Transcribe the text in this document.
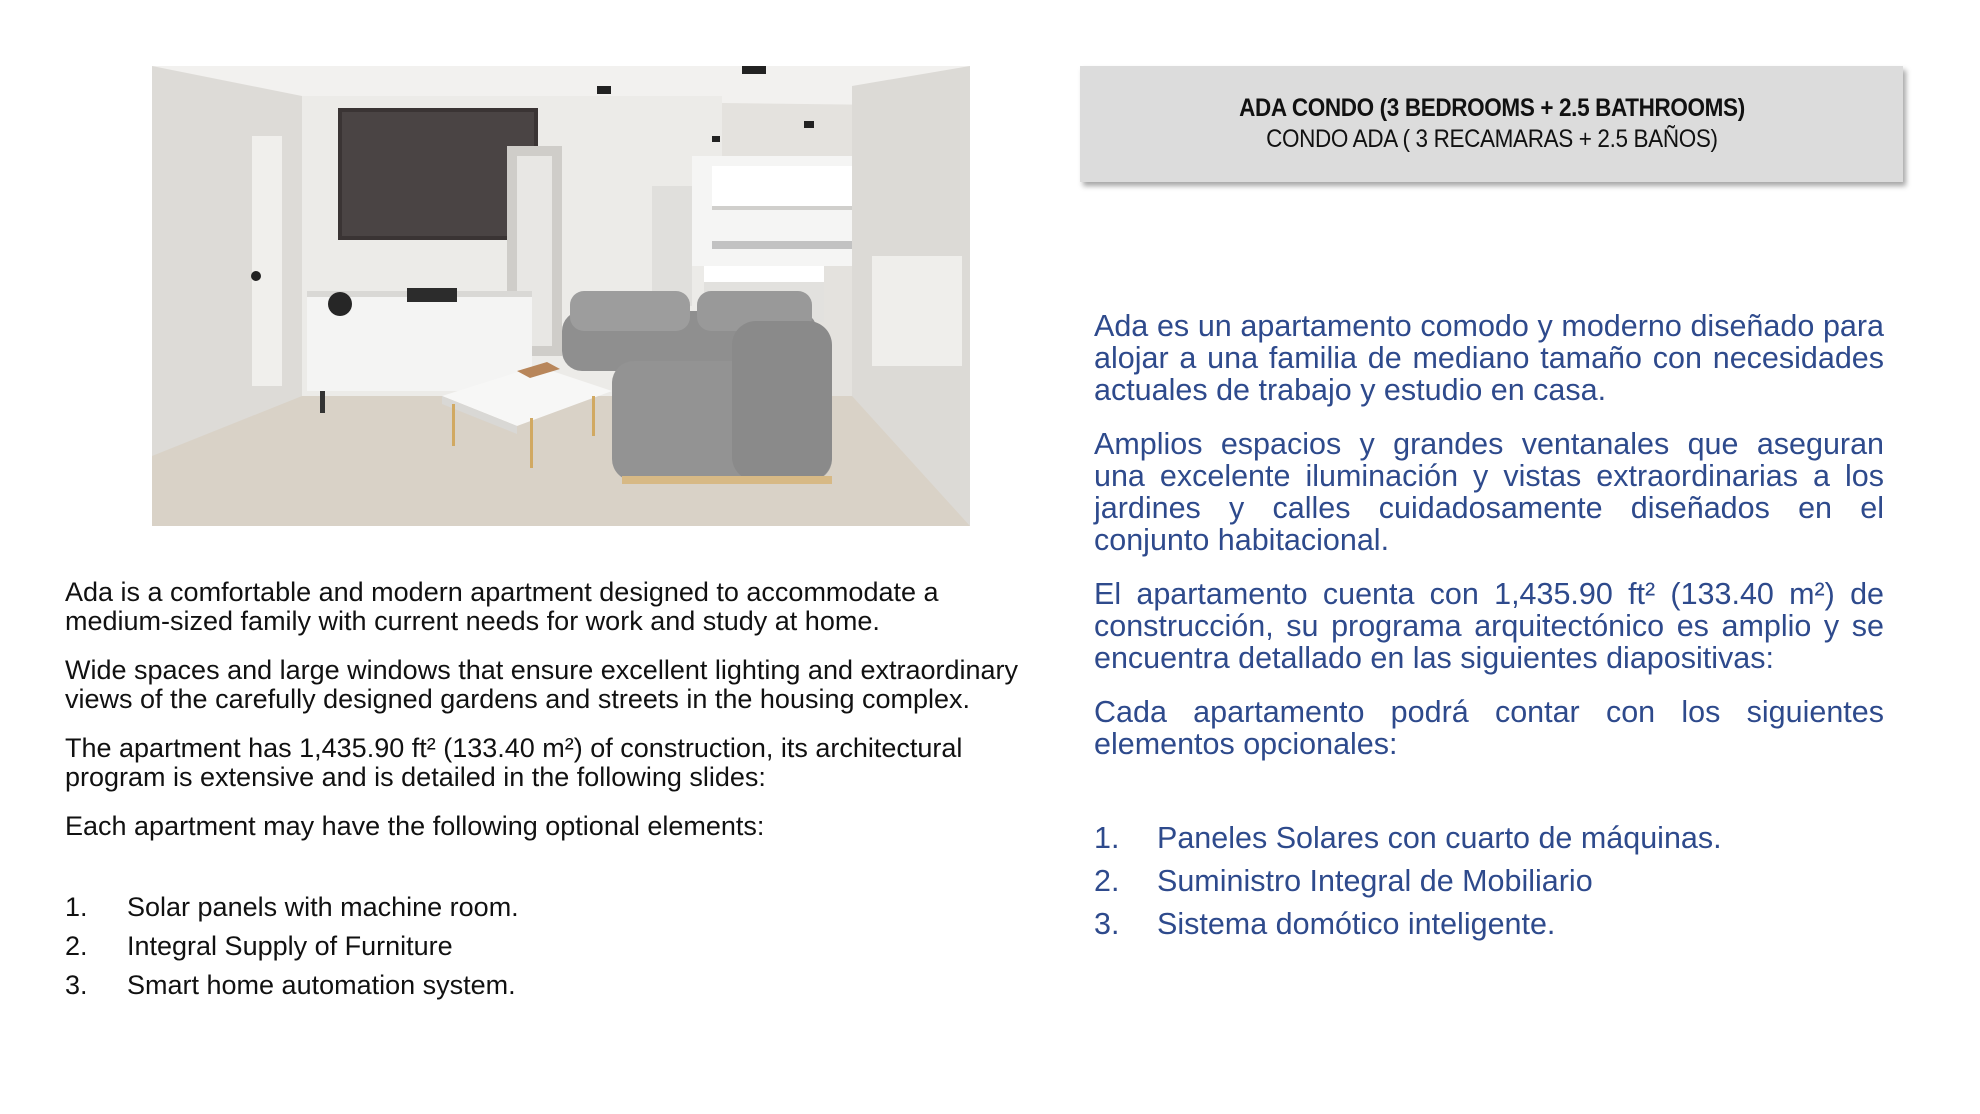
ADA CONDO (3 BEDROOMS + 2.5 BATHROOMS)
CONDO ADA ( 3 RECAMARAS + 2.5 BAÑOS)

Ada is a comfortable and modern apartment designed to accommodate a medium-sized family with current needs for work and study at home.

Wide spaces and large windows that ensure excellent lighting and extraordinary views of the carefully designed gardens and streets in the housing complex.

The apartment has 1,435.90 ft² (133.40 m²) of construction, its architectural program is extensive and is detailed in the following slides:

Each apartment may have the following optional elements:

1.	Solar panels with machine room.
2.	Integral Supply of Furniture
3.	Smart home automation system.

Ada es un apartamento comodo y moderno diseñado para alojar a una familia de mediano tamaño con necesidades actuales de trabajo y estudio en casa.

Amplios espacios y grandes ventanales que aseguran una excelente iluminación y vistas extraordinarias a los jardines y calles cuidadosamente diseñados en el conjunto habitacional.

El apartamento cuenta con 1,435.90 ft² (133.40 m²) de construcción, su programa arquitectónico es amplio y se encuentra detallado en las siguientes diapositivas:

Cada apartamento podrá contar con los siguientes elementos opcionales:

1.	Paneles Solares con cuarto de máquinas.
2.	Suministro Integral de Mobiliario
3.	Sistema domótico inteligente.
